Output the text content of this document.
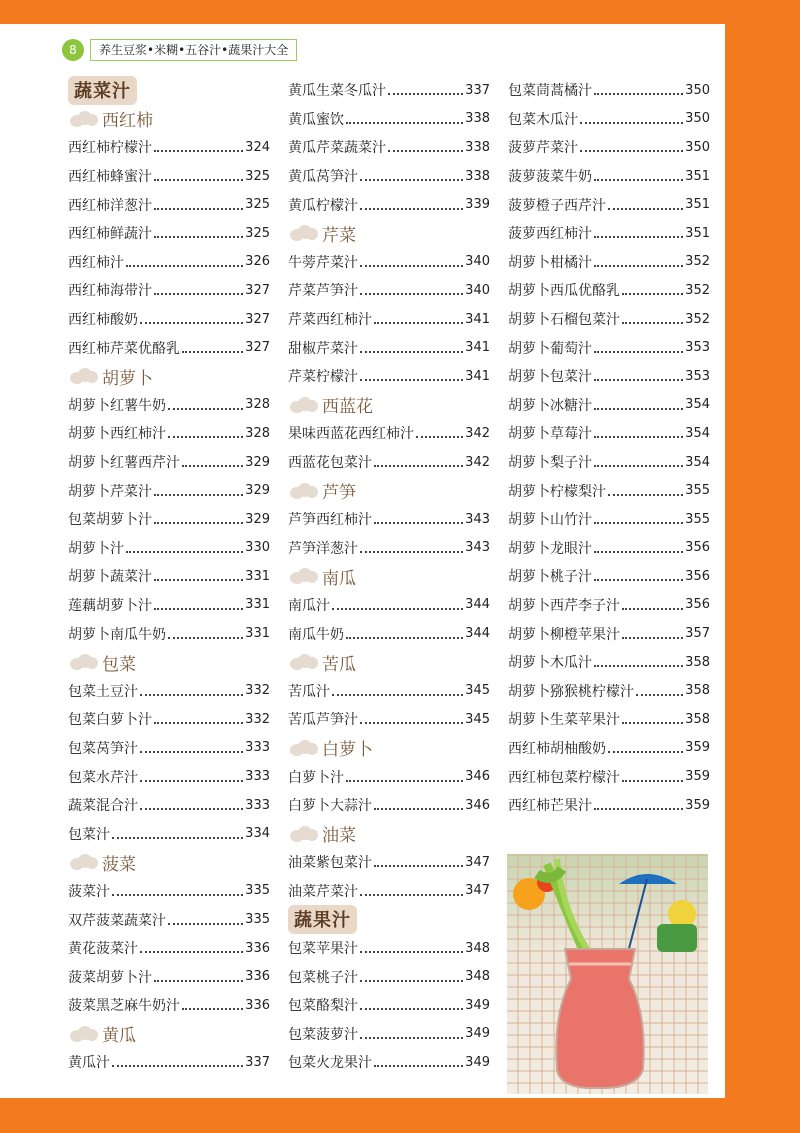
8	养生豆浆•米糊•五谷汁•蔬果汁大全
蔬菜汁
西红柿
西红柿柠檬汁	324
西红柿蜂蜜汁	325
西红柿洋葱汁	325
西红柿鲜蔬汁	325
西红柿汁	326
西红柿海带汁	327
西红柿酸奶	327
西红柿芹菜优酪乳	327
胡萝卜
胡萝卜红薯牛奶	328
胡萝卜西红柿汁	328
胡萝卜红薯西芹汁	329
胡萝卜芹菜汁	329
包菜胡萝卜汁	329
胡萝卜汁	330
胡萝卜蔬菜汁	331
莲藕胡萝卜汁	331
胡萝卜南瓜牛奶	331
包菜
包菜土豆汁	332
包菜白萝卜汁	332
包菜莴笋汁	333
包菜水芹汁	333
蔬菜混合汁	333
包菜汁	334
菠菜
菠菜汁	335
双芹菠菜蔬菜汁	335
黄花菠菜汁	336
菠菜胡萝卜汁	336
菠菜黑芝麻牛奶汁	336
黄瓜
黄瓜汁	337
黄瓜生菜冬瓜汁	337
黄瓜蜜饮	338
黄瓜芹菜蔬菜汁	338
黄瓜莴笋汁	338
黄瓜柠檬汁	339
芹菜
牛蒡芹菜汁	340
芹菜芦笋汁	340
芹菜西红柿汁	341
甜椒芹菜汁	341
芹菜柠檬汁	341
西蓝花
果味西蓝花西红柿汁	342
西蓝花包菜汁	342
芦笋
芦笋西红柿汁	343
芦笋洋葱汁	343
南瓜
南瓜汁	344
南瓜牛奶	344
苦瓜
苦瓜汁	345
苦瓜芦笋汁	345
白萝卜
白萝卜汁	346
白萝卜大蒜汁	346
油菜
油菜紫包菜汁	347
油菜芹菜汁	347
蔬果汁
包菜苹果汁	348
包菜桃子汁	348
包菜酪梨汁	349
包菜菠萝汁	349
包菜火龙果汁	349
包菜茼蒿橘汁	350
包菜木瓜汁	350
菠萝芹菜汁	350
菠萝菠菜牛奶	351
菠萝橙子西芹汁	351
菠萝西红柿汁	351
胡萝卜柑橘汁	352
胡萝卜西瓜优酪乳	352
胡萝卜石榴包菜汁	352
胡萝卜葡萄汁	353
胡萝卜包菜汁	353
胡萝卜冰糖汁	354
胡萝卜草莓汁	354
胡萝卜梨子汁	354
胡萝卜柠檬梨汁	355
胡萝卜山竹汁	355
胡萝卜龙眼汁	356
胡萝卜桃子汁	356
胡萝卜西芹李子汁	356
胡萝卜柳橙苹果汁	357
胡萝卜木瓜汁	358
胡萝卜猕猴桃柠檬汁	358
胡萝卜生菜苹果汁	358
西红柿胡柚酸奶	359
西红柿包菜柠檬汁	359
西红柿芒果汁	359
